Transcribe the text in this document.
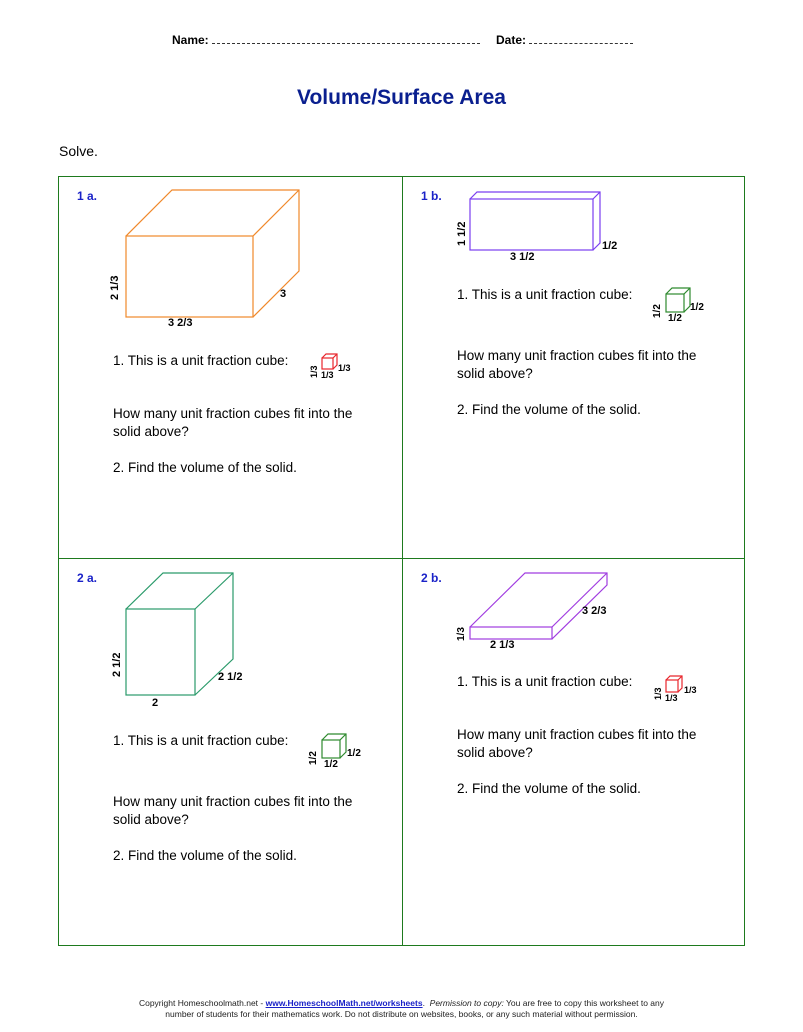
Name:	Date:
Volume/Surface Area
Solve.
1 a.
2 1/3
3 2/3
3
1. This is a unit fraction cube:
1/3 1/3
1/3
How many unit fraction cubes fit into the solid above?
2. Find the volume of the solid.
1 b.
1 1/2
3 1/2
1/2
1. This is a unit fraction cube:
1/2	1/2
1/2
How many unit fraction cubes fit into the solid above?
2. Find the volume of the solid.
2 a.
2 1/2
2
2 1/2
1. This is a unit fraction cube:
1/2	1/2
1/2
How many unit fraction cubes fit into the solid above?
2. Find the volume of the solid.
2 b.
1/3
2 1/3
3 2/3
1. This is a unit fraction cube:
1/3 1/3
1/3
How many unit fraction cubes fit into the solid above?
2. Find the volume of the solid.
Copyright Homeschoolmath.net - www.HomeschoolMath.net/worksheets.  Permission to copy: You are free to copy this worksheet to any
number of students for their mathematics work. Do not distribute on websites, books, or any such material without permission.
